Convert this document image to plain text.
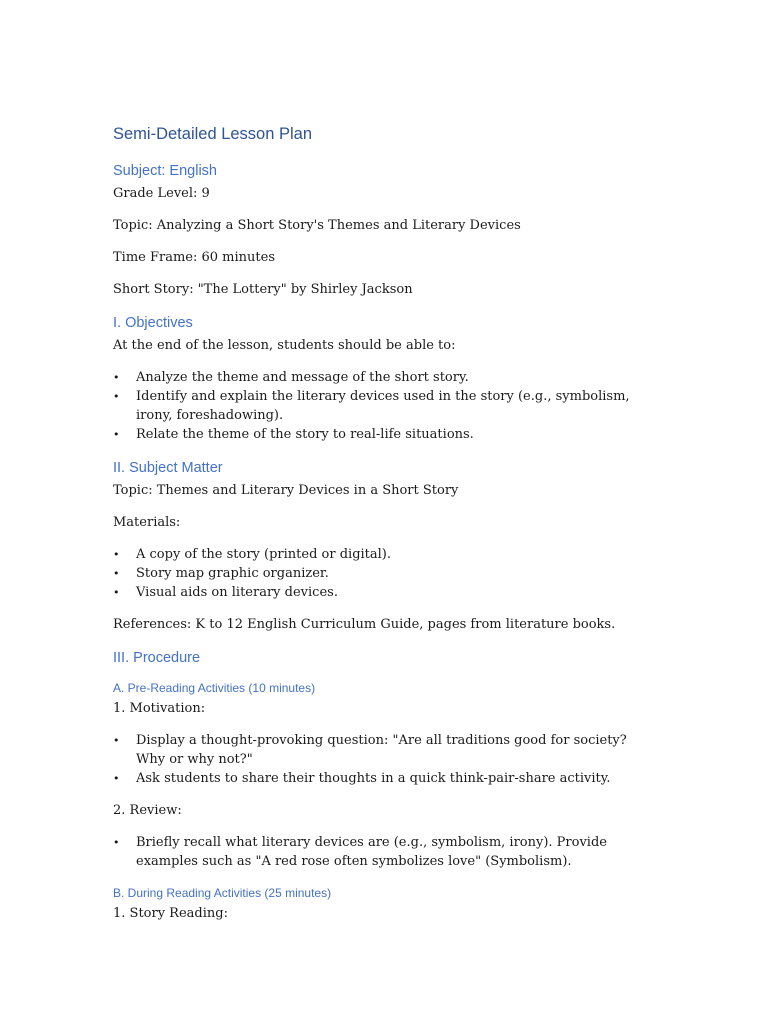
Semi-Detailed Lesson Plan
Subject: English
Grade Level: 9
Topic: Analyzing a Short Story's Themes and Literary Devices
Time Frame: 60 minutes
Short Story: "The Lottery" by Shirley Jackson
I. Objectives
At the end of the lesson, students should be able to:
• Analyze the theme and message of the short story.
• Identify and explain the literary devices used in the story (e.g., symbolism, irony, foreshadowing).
• Relate the theme of the story to real-life situations.
II. Subject Matter
Topic: Themes and Literary Devices in a Short Story
Materials:
• A copy of the story (printed or digital).
• Story map graphic organizer.
• Visual aids on literary devices.
References: K to 12 English Curriculum Guide, pages from literature books.
III. Procedure
A. Pre-Reading Activities (10 minutes)
1. Motivation:
• Display a thought-provoking question: "Are all traditions good for society? Why or why not?"
• Ask students to share their thoughts in a quick think-pair-share activity.
2. Review:
• Briefly recall what literary devices are (e.g., symbolism, irony). Provide examples such as "A red rose often symbolizes love" (Symbolism).
B. During Reading Activities (25 minutes)
1. Story Reading:
